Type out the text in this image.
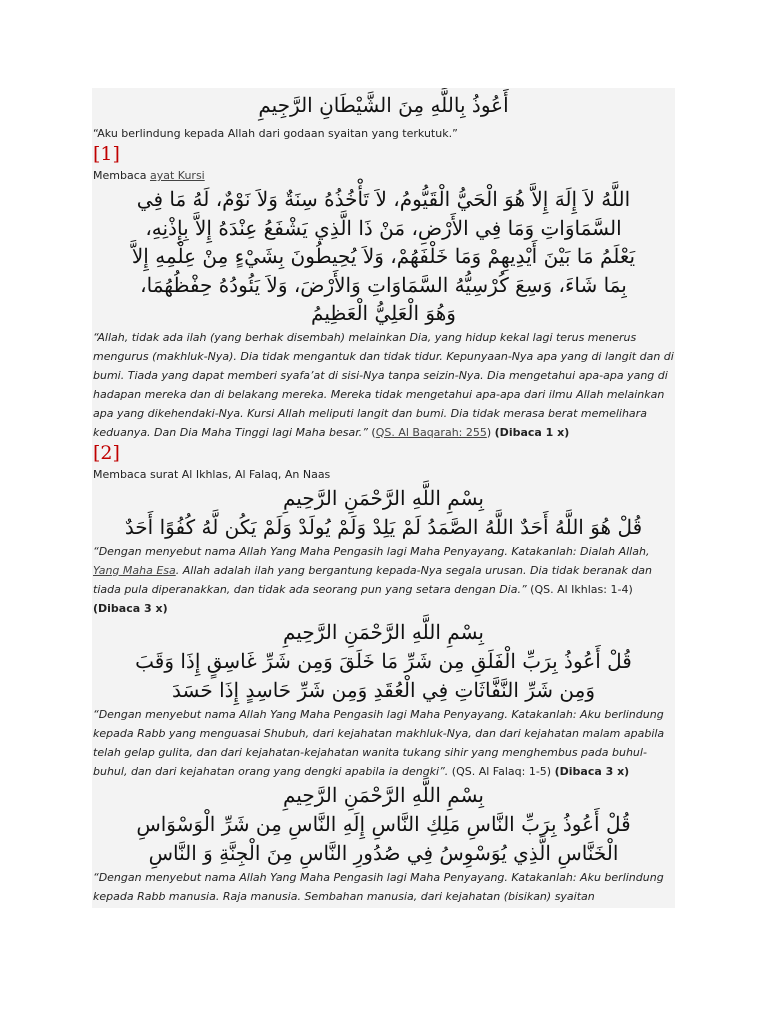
أَعُوذُ بِاللَّهِ مِنَ الشَّيْطَانِ الرَّجِيمِ

“Aku berlindung kepada Allah dari godaan syaitan yang terkutuk.”

[1]

Membaca ayat Kursi

اللَّهُ لاَ إِلَهَ إِلاَّ هُوَ الْحَيُّ الْقَيُّومُ، لاَ تَأْخُذُهُ سِنَةٌ وَلاَ نَوْمٌ، لَهُ مَا فِي

السَّمَاوَاتِ وَمَا فِي الأَرْضِ، مَنْ ذَا الَّذِي يَشْفَعُ عِنْدَهُ إِلاَّ بِإِذْنِهِ،

يَعْلَمُ مَا بَيْنَ أَيْدِيهِمْ وَمَا خَلْفَهُمْ، وَلاَ يُحِيطُونَ بِشَيْءٍ مِنْ عِلْمِهِ إِلاَّ

بِمَا شَاءَ، وَسِعَ كُرْسِيُّهُ السَّمَاوَاتِ وَالأَرْضَ، وَلاَ يَئُودُهُ حِفْظُهُمَا،

وَهُوَ الْعَلِيُّ الْعَظِيمُ

“Allah, tidak ada ilah (yang berhak disembah) melainkan Dia, yang hidup kekal lagi terus menerus mengurus (makhluk-Nya). Dia tidak mengantuk dan tidak tidur. Kepunyaan-Nya apa yang di langit dan di bumi. Tiada yang dapat memberi syafa’at di sisi-Nya tanpa seizin-Nya. Dia mengetahui apa-apa yang di hadapan mereka dan di belakang mereka. Mereka tidak mengetahui apa-apa dari ilmu Allah melainkan apa yang dikehendaki-Nya. Kursi Allah meliputi langit dan bumi. Dia tidak merasa berat memelihara keduanya. Dan Dia Maha Tinggi lagi Maha besar.” (QS. Al Baqarah: 255) (Dibaca 1 x)

[2]

Membaca surat Al Ikhlas, Al Falaq, An Naas

بِسْمِ اللَّهِ الرَّحْمَنِ الرَّحِيمِ

قُلْ هُوَ اللَّهُ أَحَدٌ اللَّهُ الصَّمَدُ لَمْ يَلِدْ وَلَمْ يُولَدْ وَلَمْ يَكُن لَّهُ كُفُوًا أَحَدٌ

“Dengan menyebut nama Allah Yang Maha Pengasih lagi Maha Penyayang. Katakanlah: Dialah Allah, Yang Maha Esa. Allah adalah ilah yang bergantung kepada-Nya segala urusan. Dia tidak beranak dan tiada pula diperanakkan, dan tidak ada seorang pun yang setara dengan Dia.” (QS. Al Ikhlas: 1-4) (Dibaca 3 x)

بِسْمِ اللَّهِ الرَّحْمَنِ الرَّحِيمِ

قُلْ أَعُوذُ بِرَبِّ الْفَلَقِ مِن شَرِّ مَا خَلَقَ وَمِن شَرِّ غَاسِقٍ إِذَا وَقَبَ

وَمِن شَرِّ النَّفَّاثَاتِ فِي الْعُقَدِ وَمِن شَرِّ حَاسِدٍ إِذَا حَسَدَ

“Dengan menyebut nama Allah Yang Maha Pengasih lagi Maha Penyayang. Katakanlah: Aku berlindung kepada Rabb yang menguasai Shubuh, dari kejahatan makhluk-Nya, dan dari kejahatan malam apabila telah gelap gulita, dan dari kejahatan-kejahatan wanita tukang sihir yang menghembus pada buhul-buhul, dan dari kejahatan orang yang dengki apabila ia dengki”. (QS. Al Falaq: 1-5) (Dibaca 3 x)

بِسْمِ اللَّهِ الرَّحْمَنِ الرَّحِيمِ

قُلْ أَعُوذُ بِرَبِّ النَّاسِ مَلِكِ النَّاسِ إِلَهِ النَّاسِ مِن شَرِّ الْوَسْوَاسِ

الْخَنَّاسِ الَّذِي يُوَسْوِسُ فِي صُدُورِ النَّاسِ مِنَ الْجِنَّةِ وَ النَّاسِ

“Dengan menyebut nama Allah Yang Maha Pengasih lagi Maha Penyayang. Katakanlah: Aku berlindung kepada Rabb manusia. Raja manusia. Sembahan manusia, dari kejahatan (bisikan) syaitan
